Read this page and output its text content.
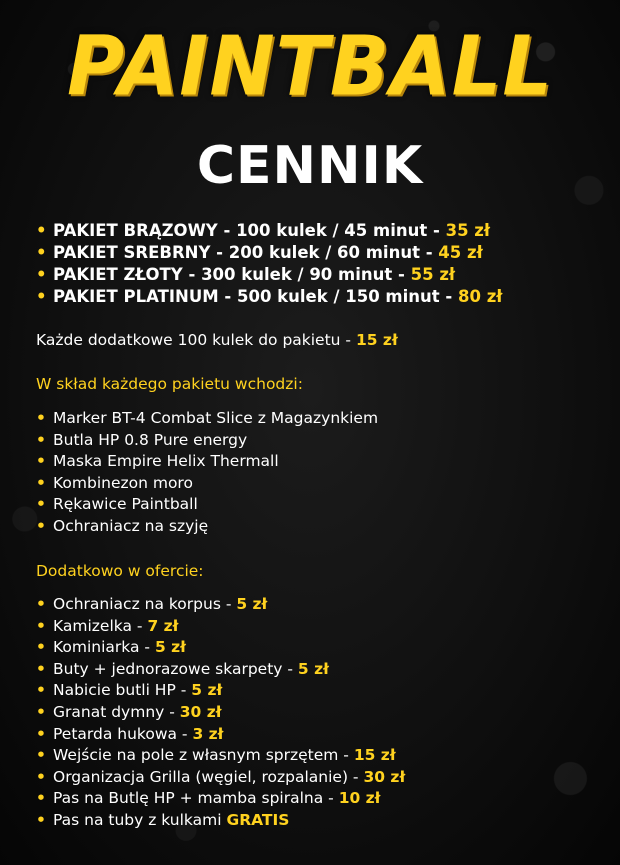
PAINTBALL
CENNIK
• PAKIET BRĄZOWY - 100 kulek / 45 minut - 35 zł
• PAKIET SREBRNY - 200 kulek / 60 minut - 45 zł
• PAKIET ZŁOTY - 300 kulek / 90 minut - 55 zł
• PAKIET PLATINUM - 500 kulek / 150 minut - 80 zł
Każde dodatkowe 100 kulek do pakietu - 15 zł
W skład każdego pakietu wchodzi:
• Marker BT-4 Combat Slice z Magazynkiem
• Butla HP 0.8 Pure energy
• Maska Empire Helix Thermall
• Kombinezon moro
• Rękawice Paintball
• Ochraniacz na szyję
Dodatkowo w ofercie:
• Ochraniacz na korpus - 5 zł
• Kamizelka - 7 zł
• Kominiarka - 5 zł
• Buty + jednorazowe skarpety - 5 zł
• Nabicie butli HP - 5 zł
• Granat dymny - 30 zł
• Petarda hukowa - 3 zł
• Wejście na pole z własnym sprzętem - 15 zł
• Organizacja Grilla (węgiel, rozpalanie) - 30 zł
• Pas na Butlę HP + mamba spiralna - 10 zł
• Pas na tuby z kulkami GRATIS
